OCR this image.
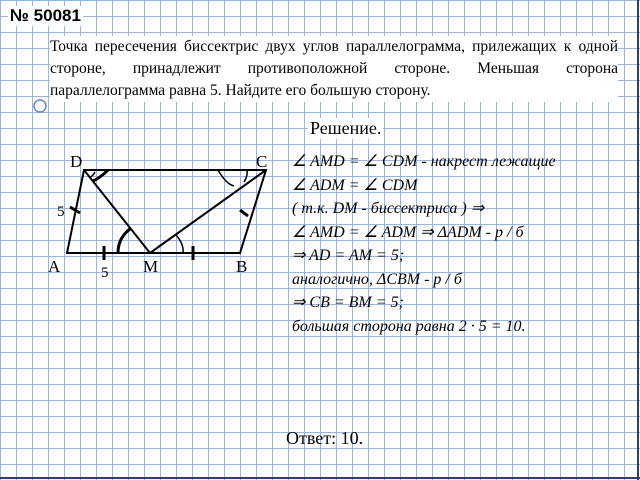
№ 50081
Точка пересечения биссектрис двух углов параллелограмма, прилежащих к одной стороне, принадлежит противоположной стороне. Меньшая сторона параллелограмма равна 5. Найдите его большую сторону.
Решение.
D	C
A	M	B
5
5
∠ AMD = ∠ CDM - накрест лежащие
∠ ADM = ∠ CDM
( т.к. DM - биссектриса ) ⇒
∠ AMD = ∠ ADM ⇒ ΔADM - р / б
⇒ AD = AM = 5;
аналогично, ΔCBM - р / б
⇒ CB = BM = 5;
большая сторона равна 2 · 5 = 10.
Ответ: 10.
